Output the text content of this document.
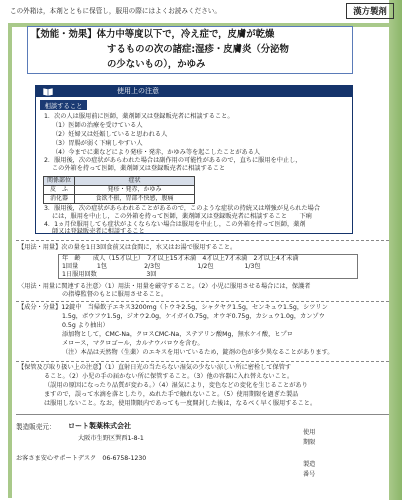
この外箱は，本剤とともに保管し，服用の際にはよくお読みください。	漢方製剤
【効能・効果】体力中等度以下で，冷え症で，皮膚が乾燥
するものの次の諸症:湿疹・皮膚炎（分泌物
の少ないもの），かゆみ
使用上の注意
相談すること
1．次の人は服用前に医師，薬剤師又は登録販売者に相談すること。
（1）医師の治療を受けている人
（2）妊婦又は妊娠していると思われる人
（3）胃腸が弱く下痢しやすい人
（4）今までに薬などにより発疹・発赤，かゆみ等を起こしたことがある人
2．服用後，次の症状があらわれた場合は副作用の可能性があるので，直ちに服用を中止し，
この外箱を持って医師，薬剤師又は登録販売者に相談すること
関係部位	症状
皮　ふ	発疹・発赤，かゆみ
消化器	食欲不振，胃部不快感，腹痛
3．服用後，次の症状があらわれることがあるので，このような症状の持続又は増強が見られた場合
には，服用を中止し，この外箱を持って医師，薬剤師又は登録販売者に相談すること　　下痢
4．1ヵ月位服用しても症状がよくならない場合は服用を中止し，この外箱を持って医師，薬剤
師又は登録販売者に相談すること
【用法・用量】次の量を1日3回食前又は食間に，水又はお湯で服用すること。
年　齢　　成人（15才以上）　7才以上15才未満　4才以上7才未満　2才以上4才未満
1回量　　　1包　　　　　　2/3包　　　　　　1/2包　　　　　1/3包
1日服用回数　　　　　　　　3回
〈用法・用量に関連する注意〉（1）用法・用量を厳守すること。（2）小児に服用させる場合には，保護者
の指導監督のもとに服用させること。
【成分・分量】12錠中　当帰飲子エキス3200mg（トウキ2.5g，シャクヤク1.5g，センキュウ1.5g，シツリン
1.5g，ボウフウ1.5g，ジオウ2.0g，ケイガイ0.75g，オウギ0.75g，カシュウ1.0g，カンゾウ
0.5g より抽出）
添加物として，CMC-Na，クロスCMC-Na，ステアリン酸Mg，無水ケイ酸，ヒプロ
メロース，マクロゴール，カルナウバロウを含む。
（注）本品は天然物（生薬）のエキスを用いているため，錠剤の色が多少異なることがあります。
【保管及び取り扱い上の注意】（1）直射日光の当たらない湿気の少ない涼しい所に密栓して保管す
ること。（2）小児の手の届かない所に保管すること。（3）他の容器に入れ替えないこと。
（誤用の原因になったり品質が変わる。）（4）湿気により，変色などの変化を生じることがあり
ますので，誤って水滴を落としたり，ぬれた手で触れないこと。（5）使用期限を過ぎた製品
は服用しないこと。なお，使用期限内であっても一度開封した後は，なるべく早く服用すること。
製造販売元： ロート製薬株式会社
大阪市生野区巽西1-8-1
お客さま安心サポートデスク　06-6758-1230
使用
期限
製造
番号
